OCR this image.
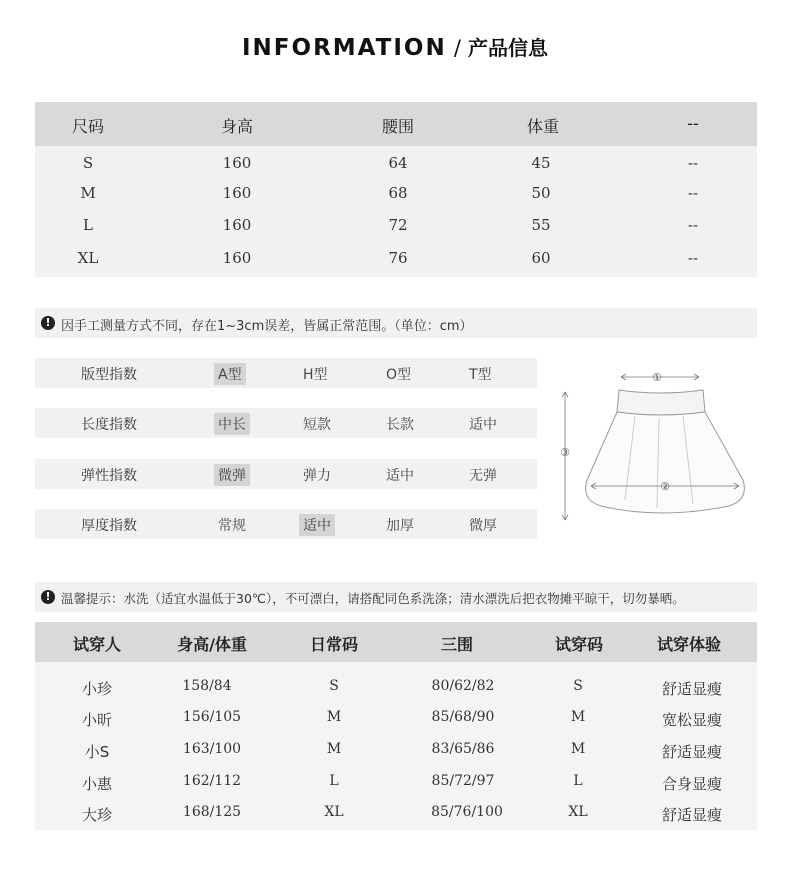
INFORMATION / 产品信息
尺码	身高	腰围	体重	--
S	160	64	45	--
M	160	68	50	--
L	160	72	55	--
XL	160	76	60	--
! 因手工测量方式不同，存在1~3cm误差，皆属正常范围。（单位：cm）
版型指数	A型	H型	O型	T型
长度指数	中长	短款	长款	适中
弹性指数	微弹	弹力	适中	无弹
厚度指数	常规	适中	加厚	微厚
①
③
②
! 温馨提示：水洗（适宜水温低于30℃），不可漂白，请搭配同色系洗涤；清水漂洗后把衣物摊平晾干，切勿暴晒。
试穿人	身高/体重	日常码	三围	试穿码	试穿体验
小珍	158/84	S	80/62/82	S	舒适显瘦
小昕	156/105	M	85/68/90	M	宽松显瘦
小S	163/100	M	83/65/86	M	舒适显瘦
小惠	162/112	L	85/72/97	L	合身显瘦
大珍	168/125	XL	85/76/100	XL	舒适显瘦
